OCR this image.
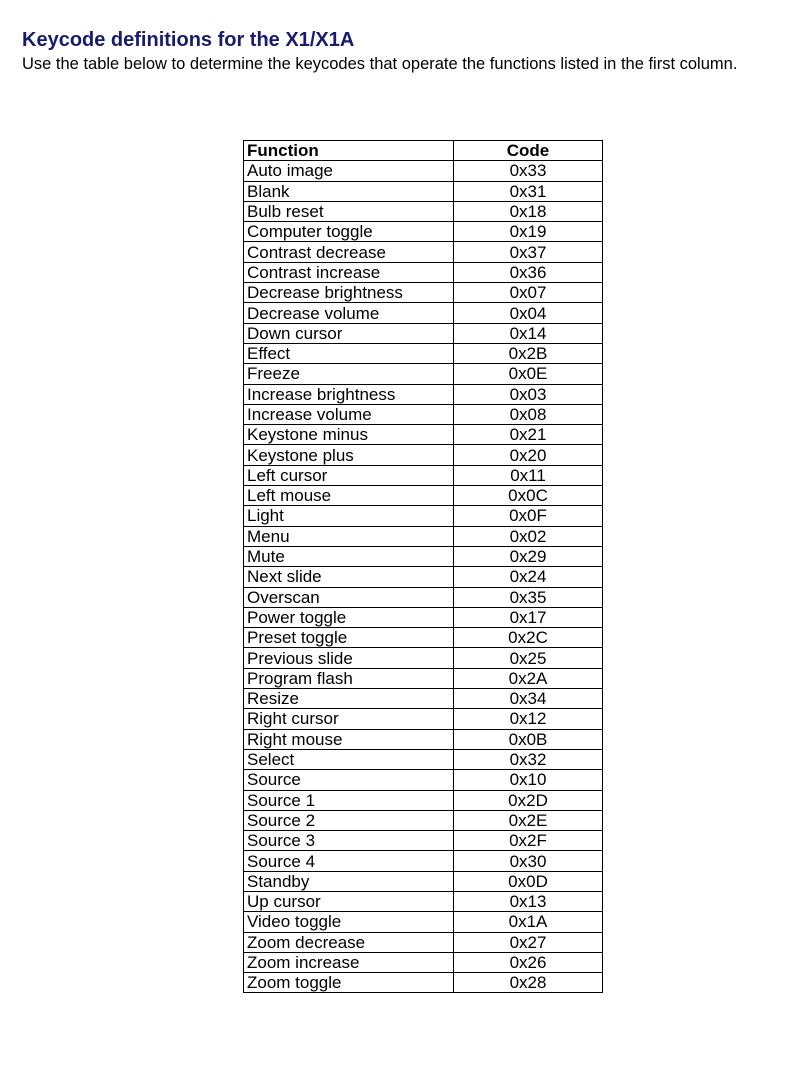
Keycode definitions for the X1/X1A

Use the table below to determine the keycodes that operate the functions listed in the first column.

Function	Code
Auto image	0x33
Blank	0x31
Bulb reset	0x18
Computer toggle	0x19
Contrast decrease	0x37
Contrast increase	0x36
Decrease brightness	0x07
Decrease volume	0x04
Down cursor	0x14
Effect	0x2B
Freeze	0x0E
Increase brightness	0x03
Increase volume	0x08
Keystone minus	0x21
Keystone plus	0x20
Left cursor	0x11
Left mouse	0x0C
Light	0x0F
Menu	0x02
Mute	0x29
Next slide	0x24
Overscan	0x35
Power toggle	0x17
Preset toggle	0x2C
Previous slide	0x25
Program flash	0x2A
Resize	0x34
Right cursor	0x12
Right mouse	0x0B
Select	0x32
Source	0x10
Source 1	0x2D
Source 2	0x2E
Source 3	0x2F
Source 4	0x30
Standby	0x0D
Up cursor	0x13
Video toggle	0x1A
Zoom decrease	0x27
Zoom increase	0x26
Zoom toggle	0x28
